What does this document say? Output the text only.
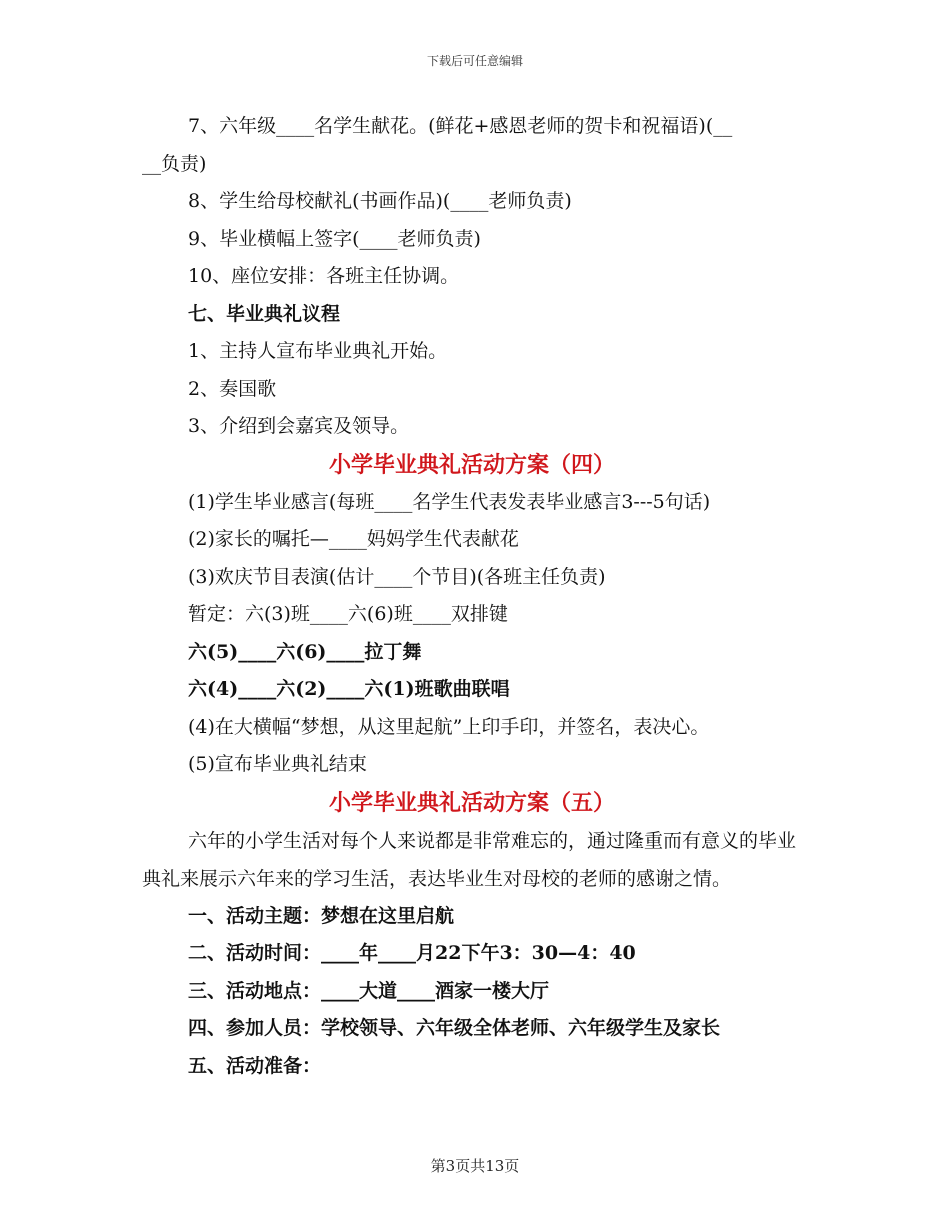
下载后可任意编辑
7、六年级____名学生献花。(鲜花+感恩老师的贺卡和祝福语)(__
__负责)
8、学生给母校献礼(书画作品)(____老师负责)
9、毕业横幅上签字(____老师负责)
10、座位安排：各班主任协调。
七、毕业典礼议程
1、主持人宣布毕业典礼开始。
2、奏国歌
3、介绍到会嘉宾及领导。
小学毕业典礼活动方案（四）
(1)学生毕业感言(每班____名学生代表发表毕业感言3---5句话)
(2)家长的嘱托—____妈妈学生代表献花
(3)欢庆节目表演(估计____个节目)(各班主任负责)
暂定：六(3)班____六(6)班____双排键
六(5)____六(6)____拉丁舞
六(4)____六(2)____六(1)班歌曲联唱
(4)在大横幅“梦想，从这里起航”上印手印，并签名，表决心。
(5)宣布毕业典礼结束
小学毕业典礼活动方案（五）
六年的小学生活对每个人来说都是非常难忘的，通过隆重而有意义的毕业典礼来展示六年来的学习生活，表达毕业生对母校的老师的感谢之情。
一、活动主题：梦想在这里启航
二、活动时间：____年____月22下午3：30—4：40
三、活动地点：____大道____酒家一楼大厅
四、参加人员：学校领导、六年级全体老师、六年级学生及家长
五、活动准备：
第3页共13页
